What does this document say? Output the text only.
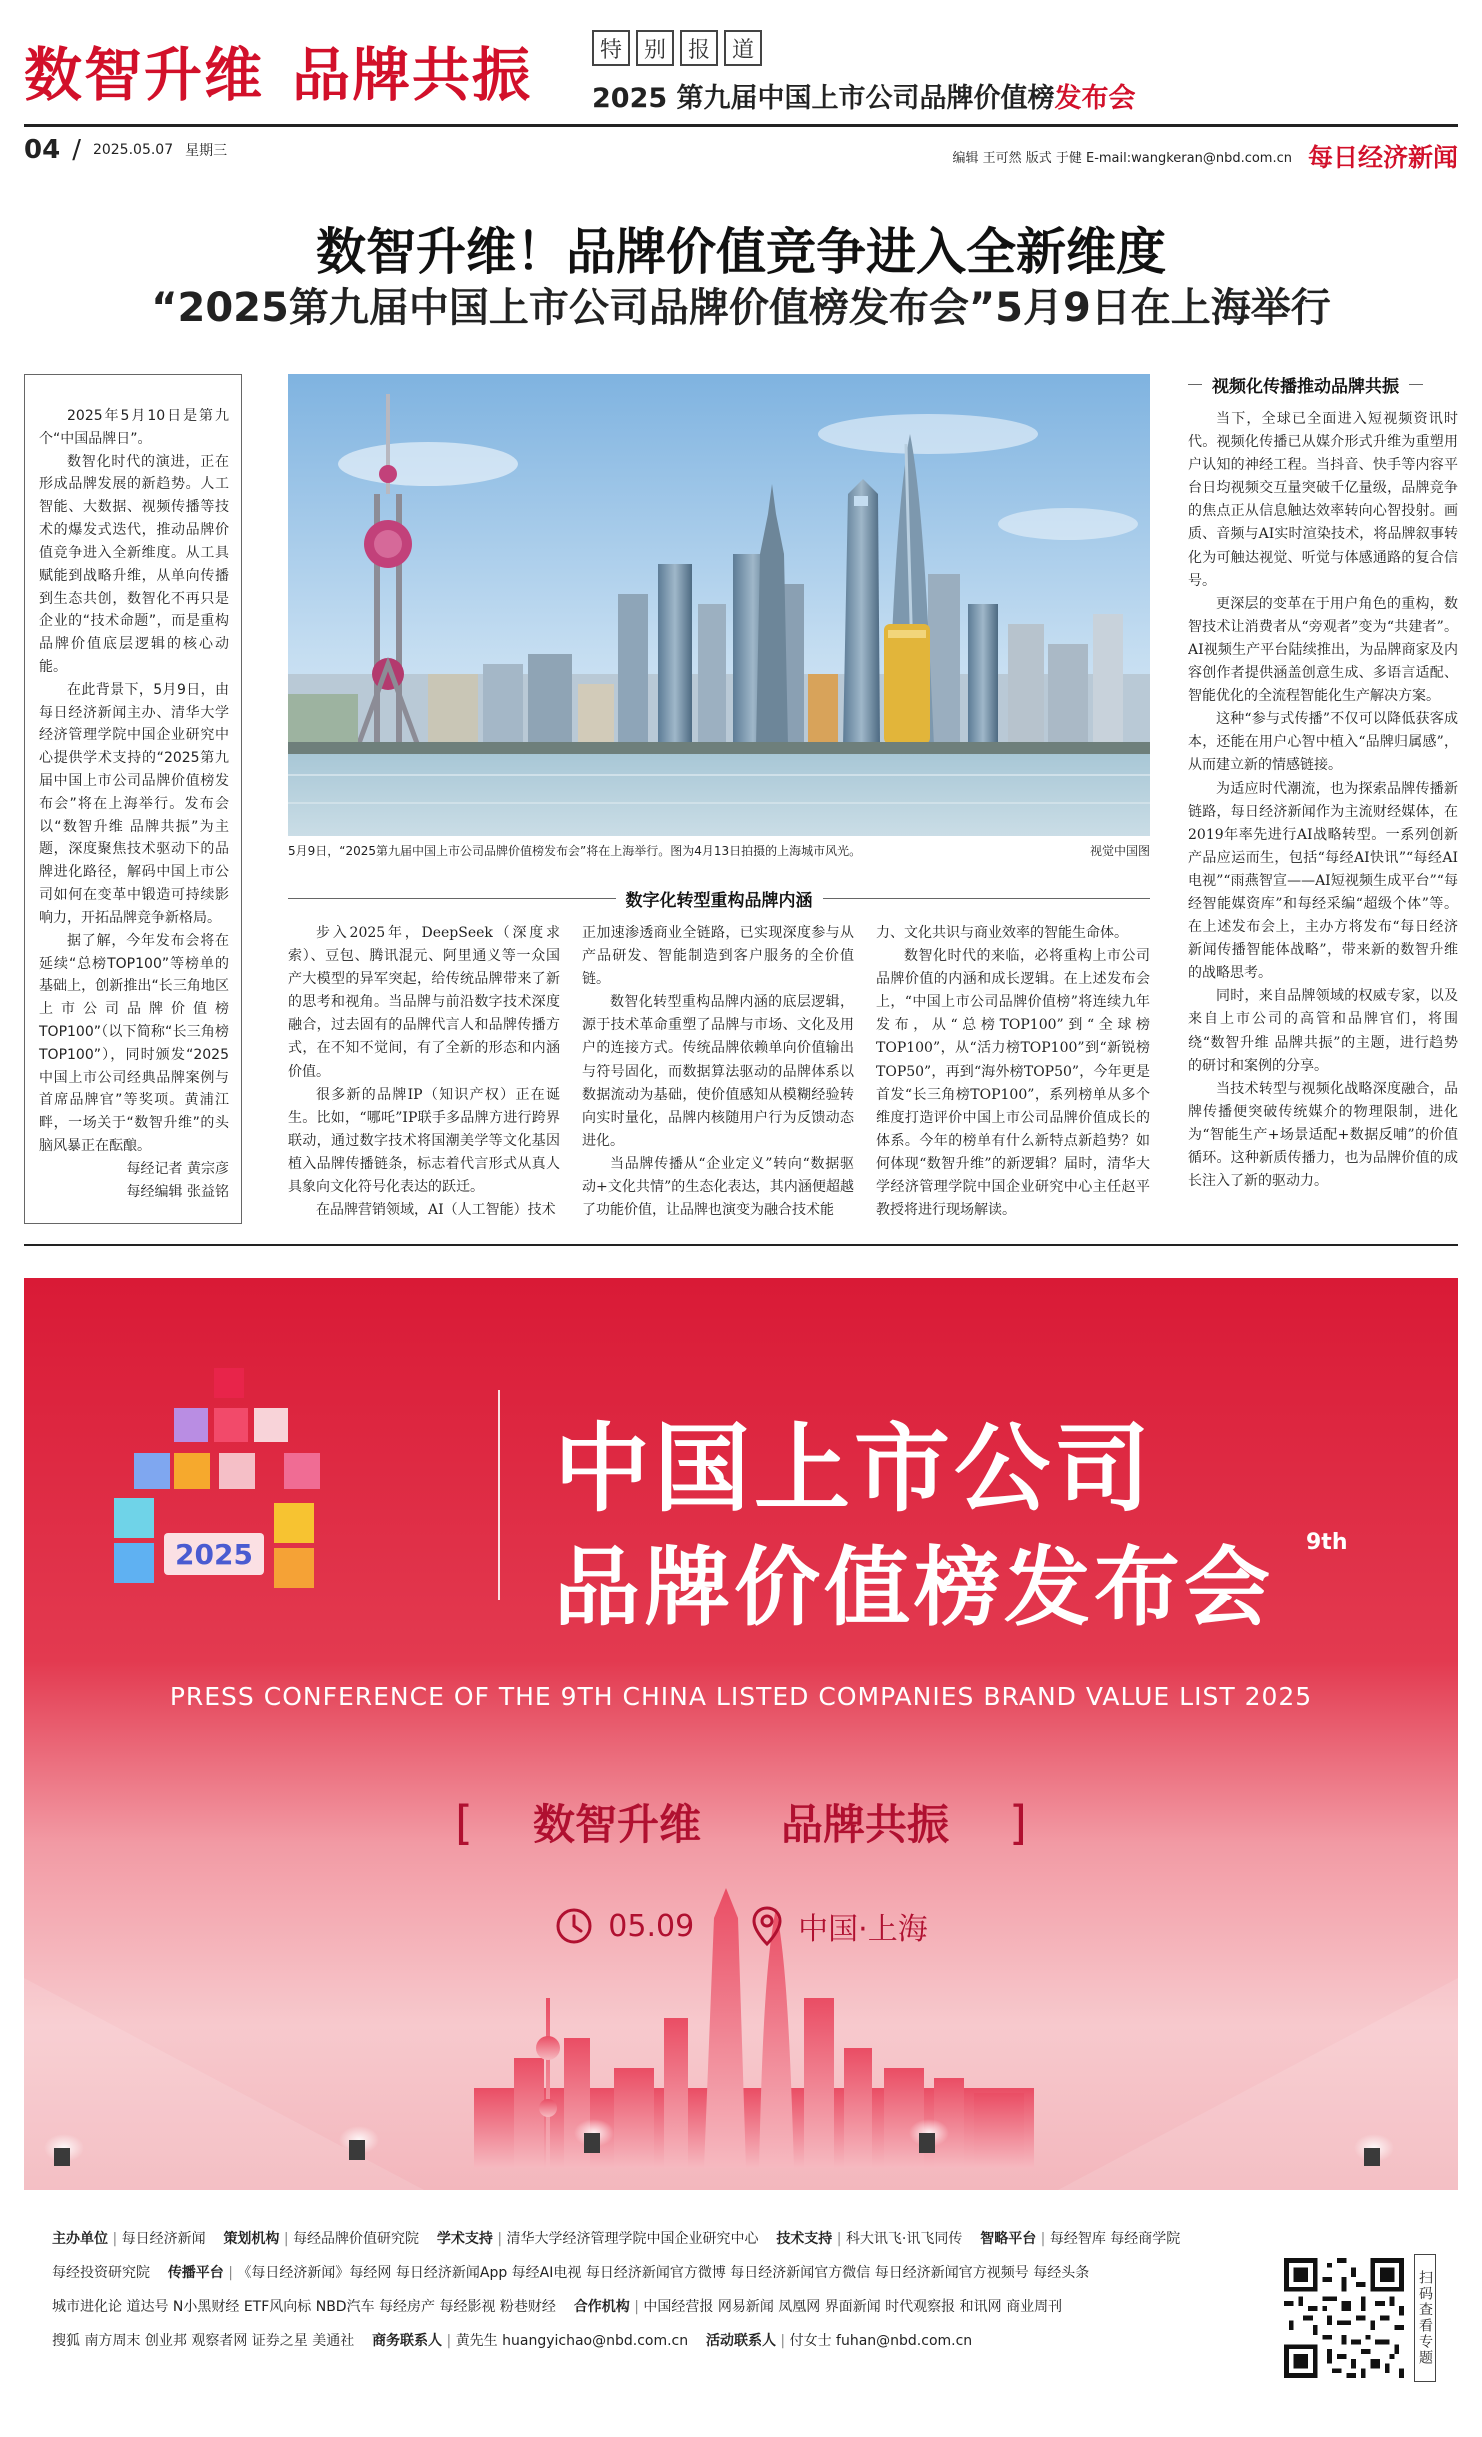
数智升维 品牌共振	特 别 报 道
2025 第九届中国上市公司品牌价值榜发布会
04 / 2025.05.07 星期三	编辑 王可然 版式 于健 E-mail:wangkeran@nbd.com.cn 每日经济新闻
数智升维！品牌价值竞争进入全新维度
“2025第九届中国上市公司品牌价值榜发布会”5月9日在上海举行

2025年5月10日是第九个“中国品牌日”。

数智化时代的演进，正在形成品牌发展的新趋势。人工智能、大数据、视频传播等技术的爆发式迭代，推动品牌价值竞争进入全新维度。从工具赋能到战略升维，从单向传播到生态共创，数智化不再只是企业的“技术命题”，而是重构品牌价值底层逻辑的核心动能。

在此背景下，5月9日，由每日经济新闻主办、清华大学经济管理学院中国企业研究中心提供学术支持的“2025第九届中国上市公司品牌价值榜发布会”将在上海举行。发布会以“数智升维 品牌共振”为主题，深度聚焦技术驱动下的品牌进化路径，解码中国上市公司如何在变革中锻造可持续影响力，开拓品牌竞争新格局。

据了解，今年发布会将在延续“总榜TOP100”等榜单的基础上，创新推出“长三角地区上市公司品牌价值榜TOP100”（以下简称“长三角榜TOP100”），同时颁发“2025中国上市公司经典品牌案例与首席品牌官”等奖项。黄浦江畔，一场关于“数智升维”的头脑风暴正在酝酿。

每经记者 黄宗彦

每经编辑 张益铭

5月9日，“2025第九届中国上市公司品牌价值榜发布会”将在上海举行。图为4月13日拍摄的上海城市风光。	视觉中国图
数字化转型重构品牌内涵

步入2025年，DeepSeek（深度求索）、豆包、腾讯混元、阿里通义等一众国产大模型的异军突起，给传统品牌带来了新的思考和视角。当品牌与前沿数字技术深度融合，过去固有的品牌代言人和品牌传播方式，在不知不觉间，有了全新的形态和内涵价值。

很多新的品牌IP（知识产权）正在诞生。比如，“哪吒”IP联手多品牌方进行跨界联动，通过数字技术将国潮美学等文化基因植入品牌传播链条，标志着代言形式从真人具象向文化符号化表达的跃迁。

在品牌营销领域，AI（人工智能）技术

正加速渗透商业全链路，已实现深度参与从产品研发、智能制造到客户服务的全价值链。

数智化转型重构品牌内涵的底层逻辑，源于技术革命重塑了品牌与市场、文化及用户的连接方式。传统品牌依赖单向价值输出与符号固化，而数据算法驱动的品牌体系以数据流动为基础，使价值感知从模糊经验转向实时量化，品牌内核随用户行为反馈动态进化。

当品牌传播从“企业定义”转向“数据驱动+文化共情”的生态化表达，其内涵便超越了功能价值，让品牌也演变为融合技术能

力、文化共识与商业效率的智能生命体。

数智化时代的来临，必将重构上市公司品牌价值的内涵和成长逻辑。在上述发布会上，“中国上市公司品牌价值榜”将连续九年发布，从“总榜TOP100”到“全球榜TOP100”，从“活力榜TOP100”到“新锐榜TOP50”，再到“海外榜TOP50”，今年更是首发“长三角榜TOP100”，系列榜单从多个维度打造评价中国上市公司品牌价值成长的体系。今年的榜单有什么新特点新趋势？如何体现“数智升维”的新逻辑？届时，清华大学经济管理学院中国企业研究中心主任赵平教授将进行现场解读。

视频化传播推动品牌共振

当下，全球已全面进入短视频资讯时代。视频化传播已从媒介形式升维为重塑用户认知的神经工程。当抖音、快手等内容平台日均视频交互量突破千亿量级，品牌竞争的焦点正从信息触达效率转向心智投射。画质、音频与AI实时渲染技术，将品牌叙事转化为可触达视觉、听觉与体感通路的复合信号。

更深层的变革在于用户角色的重构，数智技术让消费者从“旁观者”变为“共建者”。AI视频生产平台陆续推出，为品牌商家及内容创作者提供涵盖创意生成、多语言适配、智能优化的全流程智能化生产解决方案。

这种“参与式传播”不仅可以降低获客成本，还能在用户心智中植入“品牌归属感”，从而建立新的情感链接。

为适应时代潮流，也为探索品牌传播新链路，每日经济新闻作为主流财经媒体，在2019年率先进行AI战略转型。一系列创新产品应运而生，包括“每经AI快讯”“每经AI电视”“雨燕智宣——AI短视频生成平台”“每经智能媒资库”和每经采编“超级个体”等。在上述发布会上，主办方将发布“每日经济新闻传播智能体战略”，带来新的数智升维的战略思考。

同时，来自品牌领域的权威专家，以及来自上市公司的高管和品牌官们，将围绕“数智升维 品牌共振”的主题，进行趋势的研讨和案例的分享。

当技术转型与视频化战略深度融合，品牌传播便突破传统媒介的物理限制，进化为“智能生产+场景适配+数据反哺”的价值循环。这种新质传播力，也为品牌价值的成长注入了新的驱动力。

2025
中国上市公司
品牌价值榜发布会 9th
PRESS CONFERENCE OF THE 9TH CHINA LISTED COMPANIES BRAND VALUE LIST 2025
[ 数智升维 品牌共振 ]
05.09	中国·上海
主办单位 | 每日经济新闻 策划机构 | 每经品牌价值研究院 学术支持 | 清华大学经济管理学院中国企业研究中心 技术支持 | 科大讯飞·讯飞同传 智略平台 | 每经智库 每经商学院
每经投资研究院 传播平台 | 《每日经济新闻》每经网 每日经济新闻App 每经AI电视 每日经济新闻官方微博 每日经济新闻官方微信 每日经济新闻官方视频号 每经头条
城市进化论 道达号 N小黑财经 ETF风向标 NBD汽车 每经房产 每经影视 粉巷财经 合作机构 | 中国经营报 网易新闻 凤凰网 界面新闻 时代观察报 和讯网 商业周刊
搜狐 南方周末 创业邦 观察者网 证券之星 美通社 商务联系人 | 黄先生 huangyichao@nbd.com.cn 活动联系人 | 付女士 fuhan@nbd.com.cn	扫码查看专题
